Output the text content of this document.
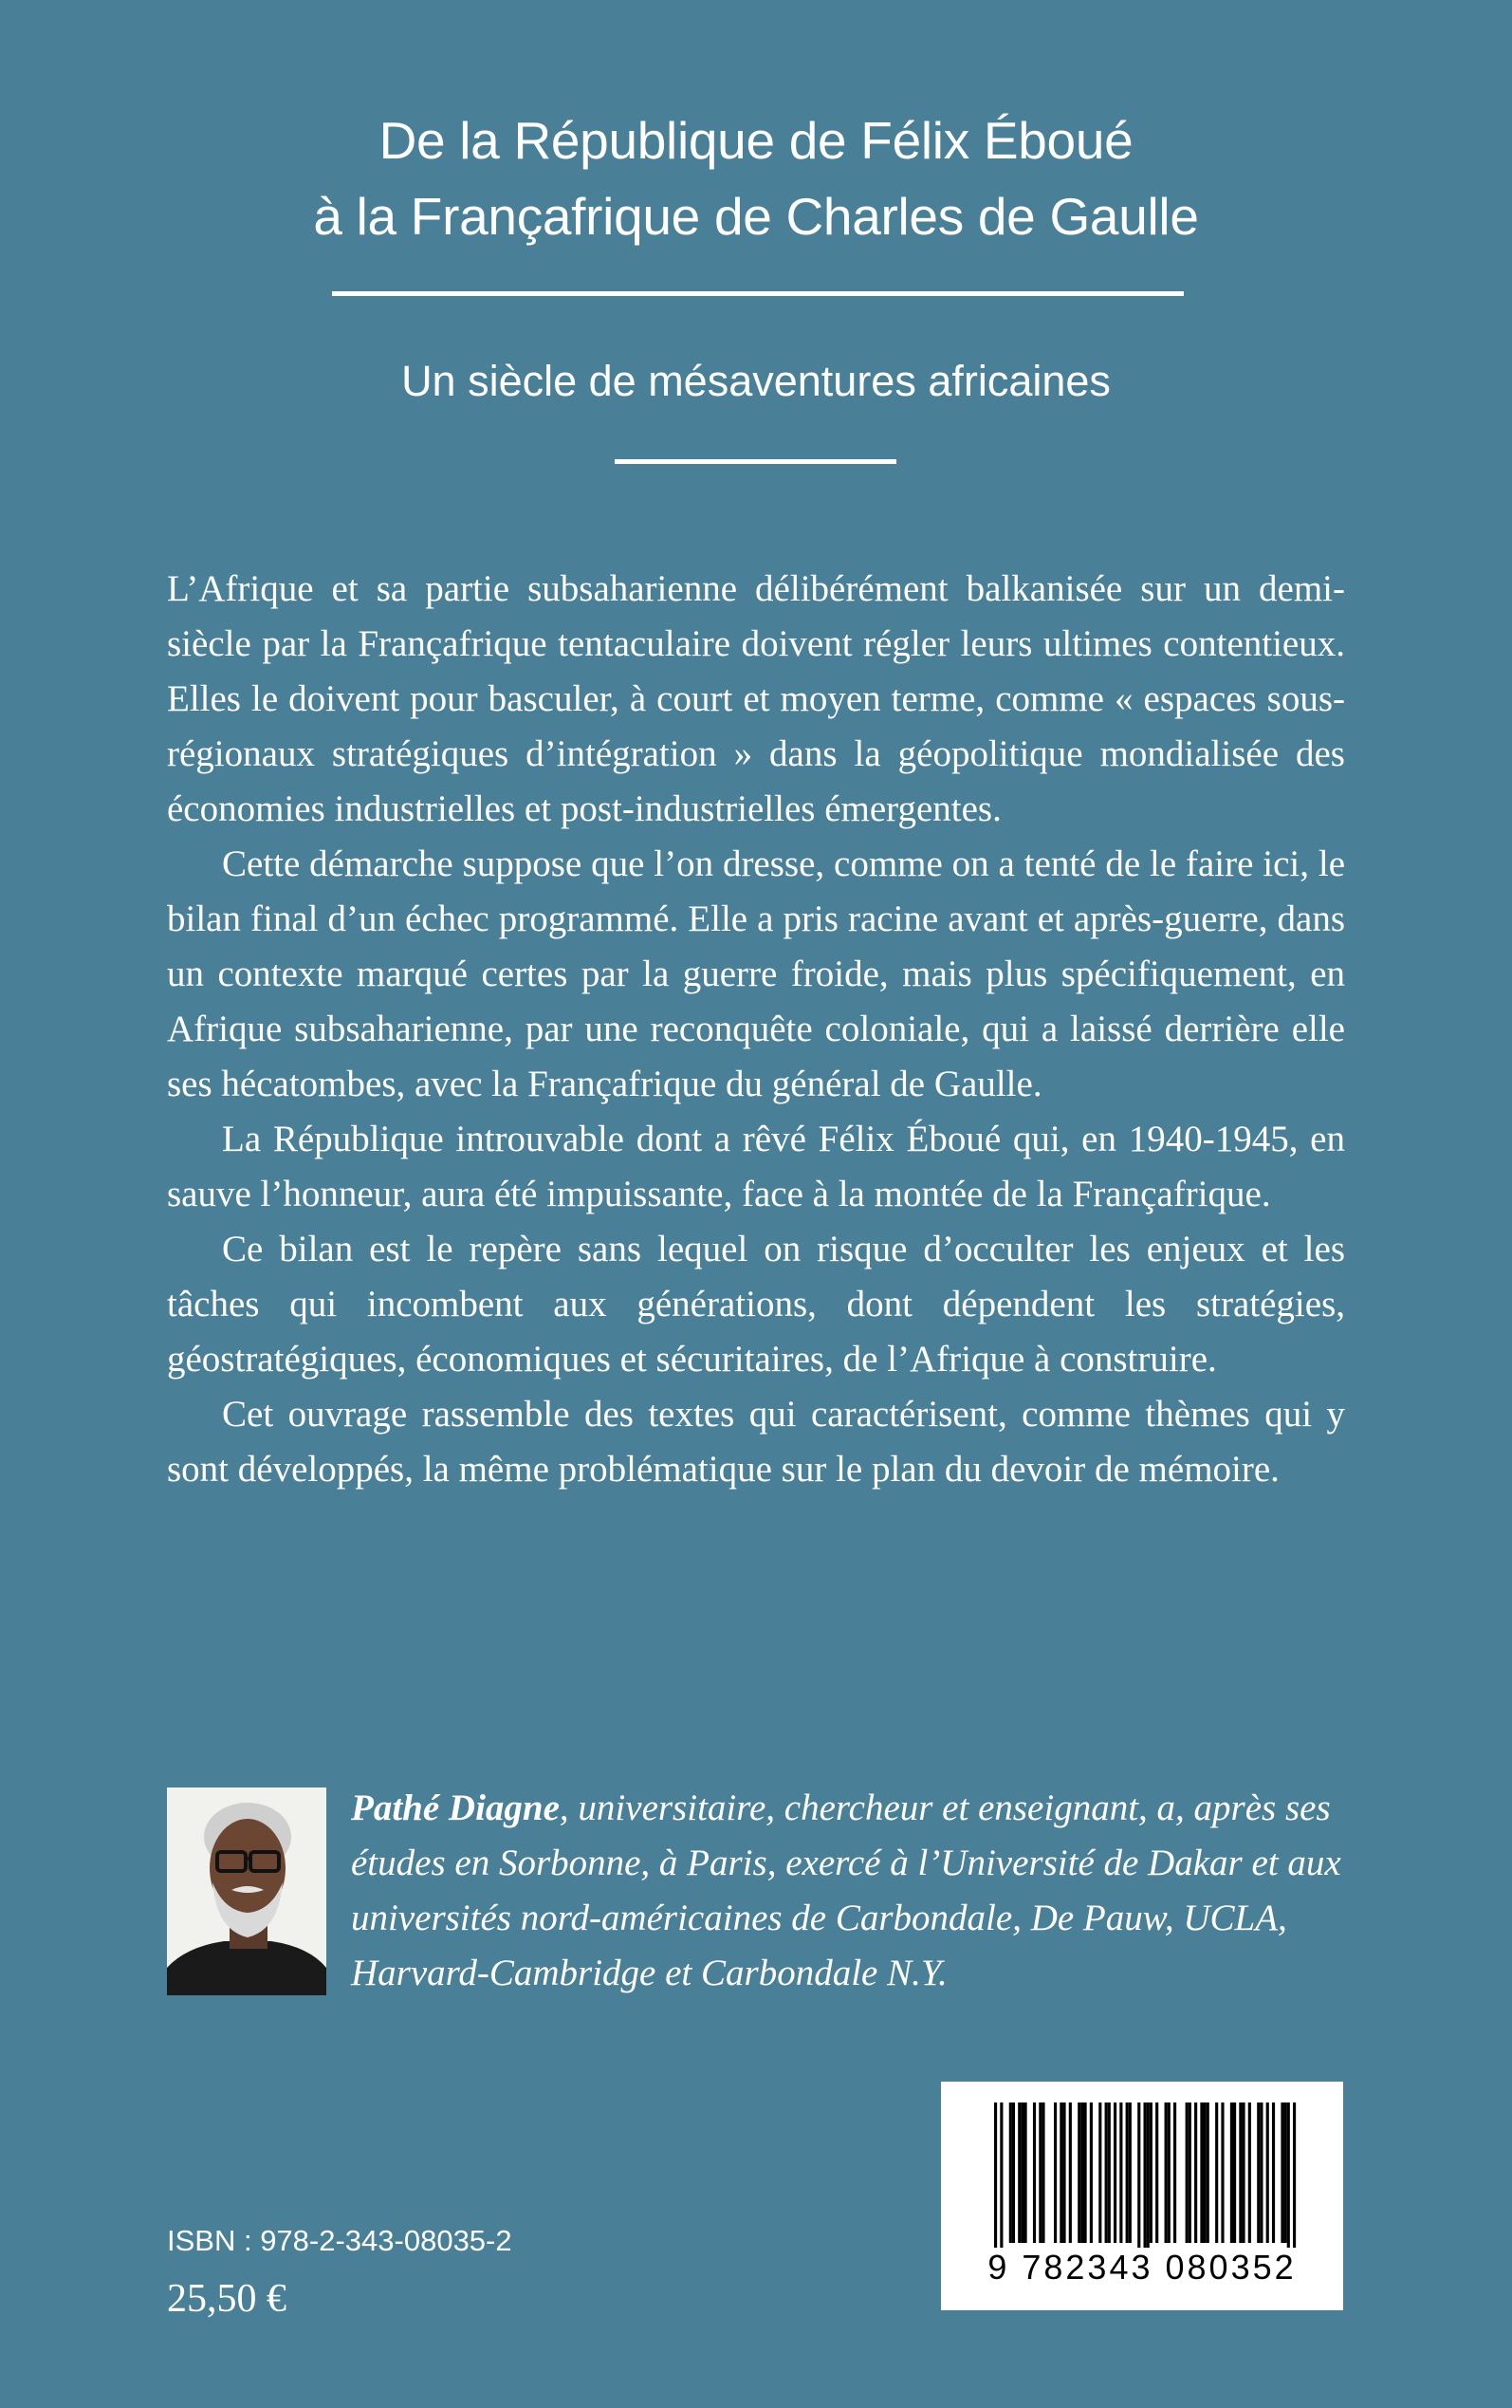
De la République de Félix Éboué
à la Françafrique de Charles de Gaulle
Un siècle de mésaventures africaines

L’Afrique et sa partie subsaharienne délibérément balkanisée sur un demi-siècle par la Françafrique tentaculaire doivent régler leurs ultimes contentieux. Elles le doivent pour basculer, à court et moyen terme, comme « espaces sous-régionaux stratégiques d’intégration » dans la géopolitique mondialisée des économies industrielles et post-industrielles émergentes.

Cette démarche suppose que l’on dresse, comme on a tenté de le faire ici, le bilan final d’un échec programmé. Elle a pris racine avant et après-guerre, dans un contexte marqué certes par la guerre froide, mais plus spécifiquement, en Afrique subsaharienne, par une reconquête coloniale, qui a laissé derrière elle ses hécatombes, avec la Françafrique du général de Gaulle.

La République introuvable dont a rêvé Félix Éboué qui, en 1940-1945, en sauve l’honneur, aura été impuissante, face à la montée de la Françafrique.

Ce bilan est le repère sans lequel on risque d’occulter les enjeux et les tâches qui incombent aux générations, dont dépendent les stratégies, géostratégiques, économiques et sécuritaires, de l’Afrique à construire.

Cet ouvrage rassemble des textes qui caractérisent, comme thèmes qui y sont développés, la même problématique sur le plan du devoir de mémoire.

Pathé Diagne, universitaire, chercheur et enseignant, a, après ses études en Sorbonne, à Paris, exercé à l’Université de Dakar et aux universités nord-américaines de Carbondale, De Pauw, UCLA, Harvard-Cambridge et Carbondale N.Y.
9 782343 080352
ISBN : 978-2-343-08035-2
25,50 €
